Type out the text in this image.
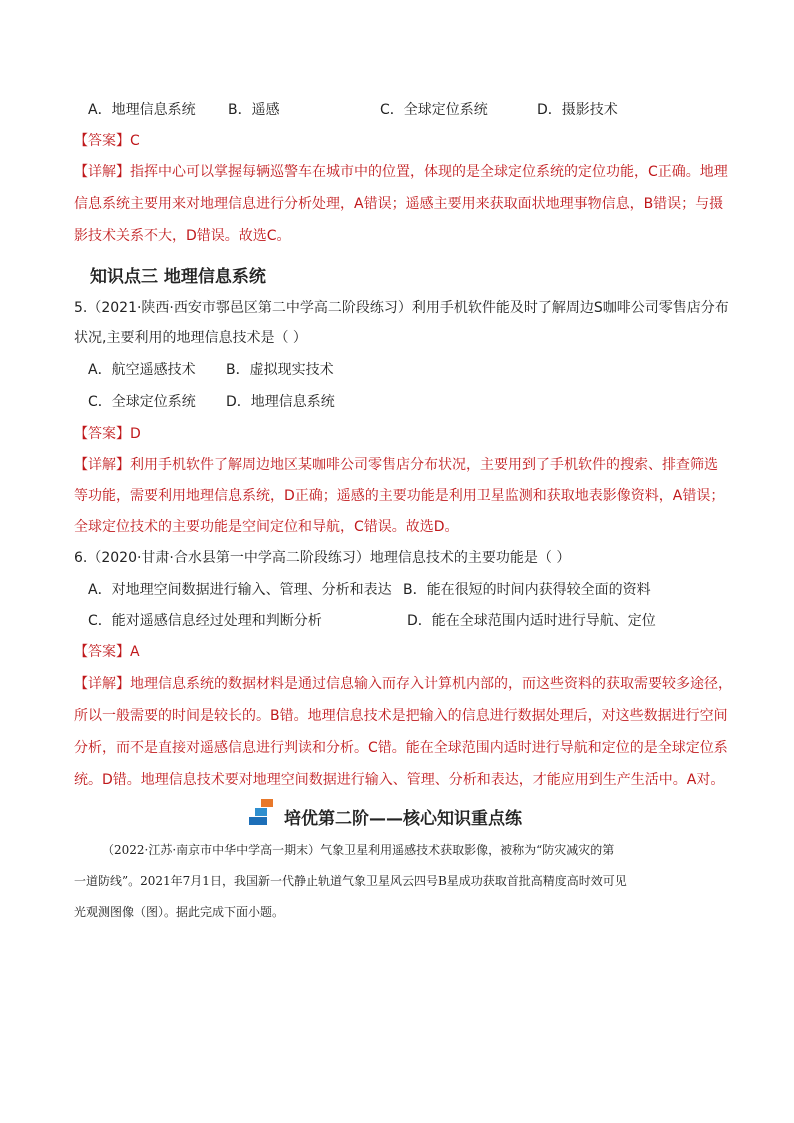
A．地理信息系统 B．遥感	C．全球定位系统	D．摄影技术
【答案】C
【详解】指挥中心可以掌握每辆巡警车在城市中的位置，体现的是全球定位系统的定位功能，C正确。地理
信息系统主要用来对地理信息进行分析处理，A错误；遥感主要用来获取面状地理事物信息，B错误；与摄
影技术关系不大，D错误。故选C。
知识点三 地理信息系统
5.（2021·陕西·西安市鄠邑区第二中学高二阶段练习）利用手机软件能及时了解周边S咖啡公司零售店分布
状况,主要利用的地理信息技术是（ ）
A．航空遥感技术 B．虚拟现实技术
C．全球定位系统 D．地理信息系统
【答案】D
【详解】利用手机软件了解周边地区某咖啡公司零售店分布状况，主要用到了手机软件的搜索、排查筛选
等功能，需要利用地理信息系统，D正确；遥感的主要功能是利用卫星监测和获取地表影像资料，A错误；
全球定位技术的主要功能是空间定位和导航，C错误。故选D。
6.（2020·甘肃·合水县第一中学高二阶段练习）地理信息技术的主要功能是（ ）
A．对地理空间数据进行输入、管理、分析和表达 B．能在很短的时间内获得较全面的资料
C．能对遥感信息经过处理和判断分析	D．能在全球范围内适时进行导航、定位
【答案】A
【详解】地理信息系统的数据材料是通过信息输入而存入计算机内部的，而这些资料的获取需要较多途径，
所以一般需要的时间是较长的。B错。地理信息技术是把输入的信息进行数据处理后，对这些数据进行空间
分析，而不是直接对遥感信息进行判读和分析。C错。能在全球范围内适时进行导航和定位的是全球定位系
统。D错。地理信息技术要对地理空间数据进行输入、管理、分析和表达，才能应用到生产生活中。A对。
培优第二阶——核心知识重点练
（2022·江苏·南京市中华中学高一期末）气象卫星利用遥感技术获取影像，被称为“防灾减灾的第
一道防线”。2021年7月1日，我国新一代静止轨道气象卫星风云四号B星成功获取首批高精度高时效可见
光观测图像（图）。据此完成下面小题。
